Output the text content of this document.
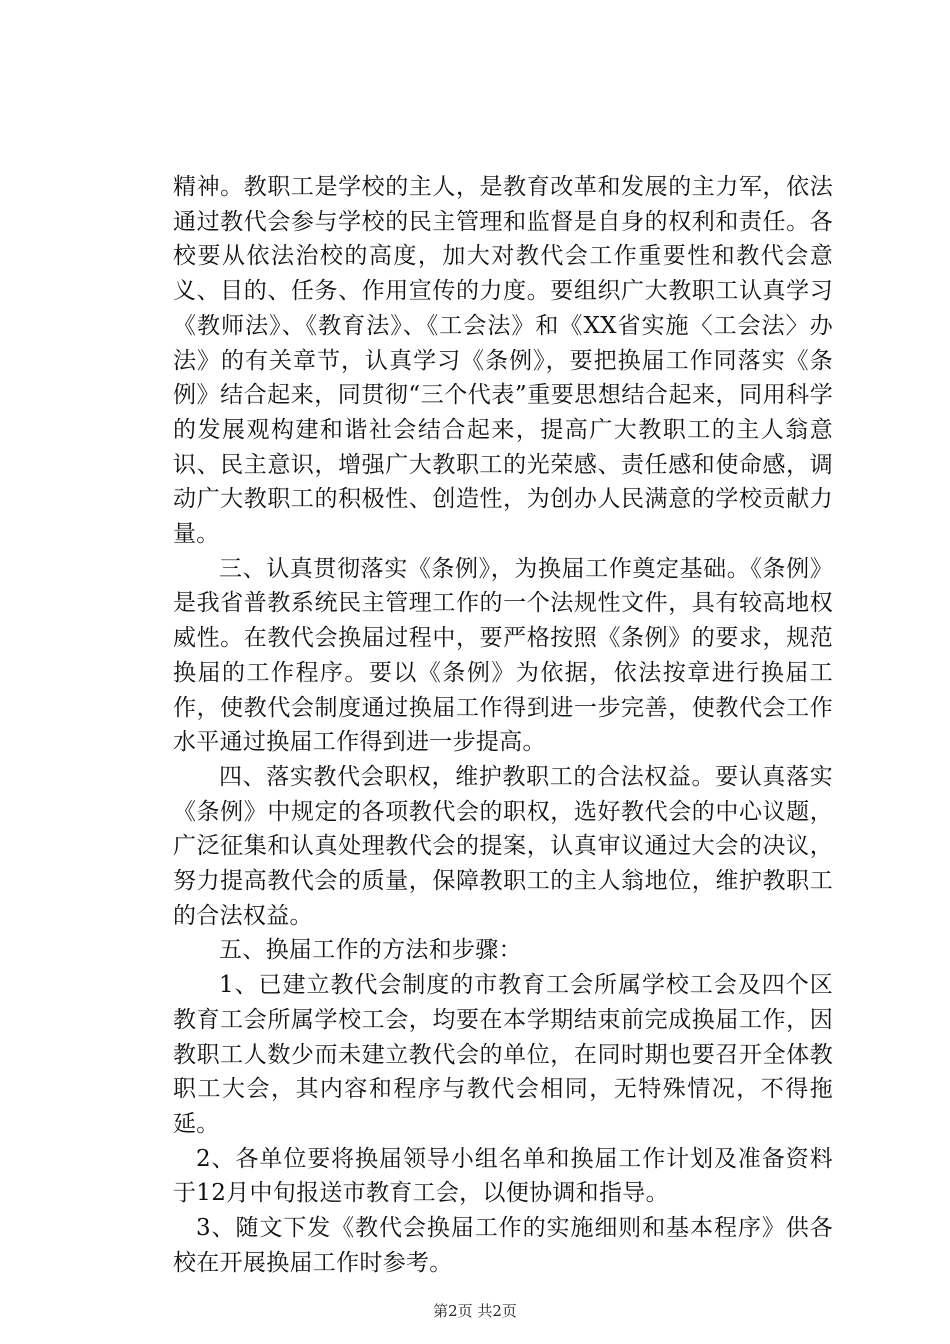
精神。教职工是学校的主人，是教育改革和发展的主力军，依法通过教代会参与学校的民主管理和监督是自身的权利和责任。各校要从依法治校的高度，加大对教代会工作重要性和教代会意义、目的、任务、作用宣传的力度。要组织广大教职工认真学习《教师法》、《教育法》、《工会法》和《XX省实施〈工会法〉办法》的有关章节，认真学习《条例》，要把换届工作同落实《条例》结合起来，同贯彻“三个代表”重要思想结合起来，同用科学的发展观构建和谐社会结合起来，提高广大教职工的主人翁意识、民主意识，增强广大教职工的光荣感、责任感和使命感，调动广大教职工的积极性、创造性，为创办人民满意的学校贡献力量。

三、认真贯彻落实《条例》，为换届工作奠定基础。《条例》是我省普教系统民主管理工作的一个法规性文件，具有较高地权威性。在教代会换届过程中，要严格按照《条例》的要求，规范换届的工作程序。要以《条例》为依据，依法按章进行换届工作，使教代会制度通过换届工作得到进一步完善，使教代会工作水平通过换届工作得到进一步提高。

四、落实教代会职权，维护教职工的合法权益。要认真落实《条例》中规定的各项教代会的职权，选好教代会的中心议题，广泛征集和认真处理教代会的提案，认真审议通过大会的决议，努力提高教代会的质量，保障教职工的主人翁地位，维护教职工的合法权益。

五、换届工作的方法和步骤：

1、已建立教代会制度的市教育工会所属学校工会及四个区教育工会所属学校工会，均要在本学期结束前完成换届工作，因教职工人数少而未建立教代会的单位，在同时期也要召开全体教职工大会，其内容和程序与教代会相同，无特殊情况，不得拖延。

2、各单位要将换届领导小组名单和换届工作计划及准备资料于12月中旬报送市教育工会，以便协调和指导。

3、随文下发《教代会换届工作的实施细则和基本程序》供各校在开展换届工作时参考。

第2页 共2页
